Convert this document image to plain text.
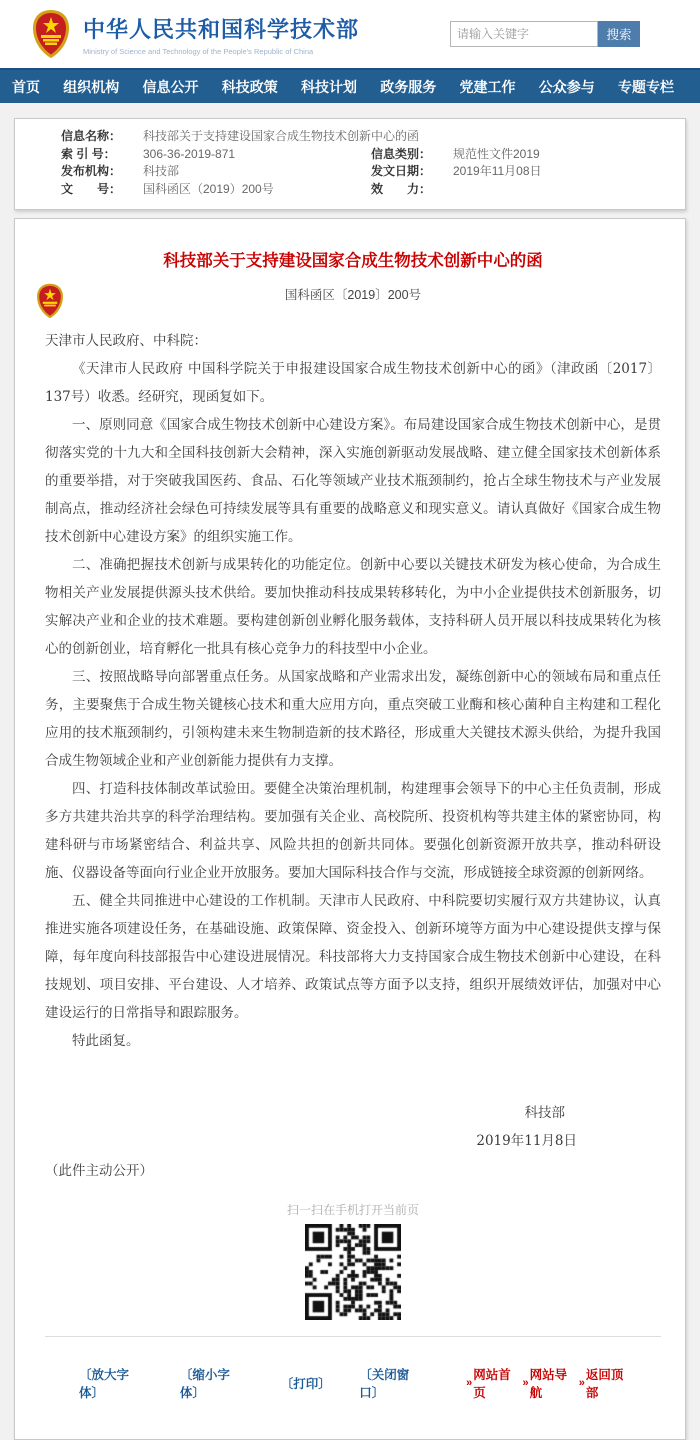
中华人民共和国科学技术部
Ministry of Science and Technology of the People's Republic of China
请输入关键字
搜索
首页 组织机构 信息公开 科技政策 科技计划 政务服务 党建工作 公众参与 专题专栏
信息名称：	科技部关于支持建设国家合成生物技术创新中心的函
索 引 号：	306-36-2019-871	信息类别：	规范性文件2019
发布机构：	科技部	发文日期：	2019年11月08日
文　　号：	国科函区（2019）200号	效　　力：
科技部关于支持建设国家合成生物技术创新中心的函
国科函区〔2019〕200号

天津市人民政府、中科院：

《天津市人民政府 中国科学院关于申报建设国家合成生物技术创新中心的函》（津政函〔2017〕137号）收悉。经研究，现函复如下。

一、原则同意《国家合成生物技术创新中心建设方案》。布局建设国家合成生物技术创新中心，是贯彻落实党的十九大和全国科技创新大会精神，深入实施创新驱动发展战略、建立健全国家技术创新体系的重要举措，对于突破我国医药、食品、石化等领域产业技术瓶颈制约，抢占全球生物技术与产业发展制高点，推动经济社会绿色可持续发展等具有重要的战略意义和现实意义。请认真做好《国家合成生物技术创新中心建设方案》的组织实施工作。

二、准确把握技术创新与成果转化的功能定位。创新中心要以关键技术研发为核心使命，为合成生物相关产业发展提供源头技术供给。要加快推动科技成果转移转化，为中小企业提供技术创新服务，切实解决产业和企业的技术难题。要构建创新创业孵化服务载体，支持科研人员开展以科技成果转化为核心的创新创业，培育孵化一批具有核心竞争力的科技型中小企业。

三、按照战略导向部署重点任务。从国家战略和产业需求出发，凝练创新中心的领域布局和重点任务，主要聚焦于合成生物关键核心技术和重大应用方向，重点突破工业酶和核心菌种自主构建和工程化应用的技术瓶颈制约，引领构建未来生物制造新的技术路径，形成重大关键技术源头供给，为提升我国合成生物领域企业和产业创新能力提供有力支撑。

四、打造科技体制改革试验田。要健全决策治理机制，构建理事会领导下的中心主任负责制，形成多方共建共治共享的科学治理结构。要加强有关企业、高校院所、投资机构等共建主体的紧密协同，构建科研与市场紧密结合、利益共享、风险共担的创新共同体。要强化创新资源开放共享，推动科研设施、仪器设备等面向行业企业开放服务。要加大国际科技合作与交流，形成链接全球资源的创新网络。

五、健全共同推进中心建设的工作机制。天津市人民政府、中科院要切实履行双方共建协议，认真推进实施各项建设任务，在基础设施、政策保障、资金投入、创新环境等方面为中心建设提供支撑与保障，每年度向科技部报告中心建设进展情况。科技部将大力支持国家合成生物技术创新中心建设，在科技规划、项目安排、平台建设、人才培养、政策试点等方面予以支持，组织开展绩效评估，加强对中心建设运行的日常指导和跟踪服务。

特此函复。

科技部
2019年11月8日
（此件主动公开）
扫一扫在手机打开当前页
〔放大字体〕
〔缩小字体〕
〔打印〕
〔关闭窗口〕
»
网站首页
»
网站导航
»
返回顶部
